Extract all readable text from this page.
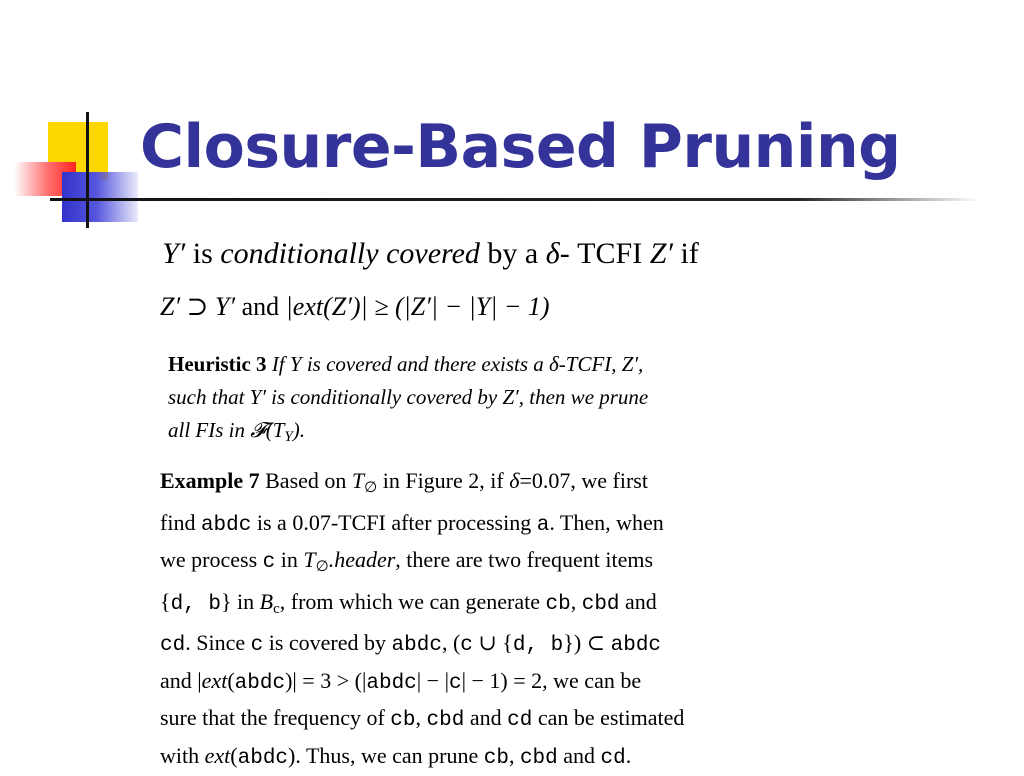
Closure-Based Pruning
Y′ is conditionally covered by a δ- TCFI Z′ if
Z′ ⊃ Y′ and |ext(Z′)| ≥ (|Z′| − |Y| − 1)
Heuristic 3 If Y is covered and there exists a δ-TCFI, Z′,
such that Y′ is conditionally covered by Z′, then we prune
all FIs in $𝓕(T_Y)$.
Example 7 Based on $T_\emptyset$ in Figure 2, if δ=0.07, we first
find abdc is a 0.07-TCFI after processing a. Then, when
we process c in $T_\emptyset.header$, there are two frequent items
{d, b} in $B_c$, from which we can generate cb, cbd and
cd. Since c is covered by abdc, (c ∪ {d, b}) ⊂ abdc
and |ext(abdc)| = 3 > (|abdc| − |c| − 1) = 2, we can be
sure that the frequency of cb, cbd and cd can be estimated
with ext(abdc). Thus, we can prune cb, cbd and cd.
